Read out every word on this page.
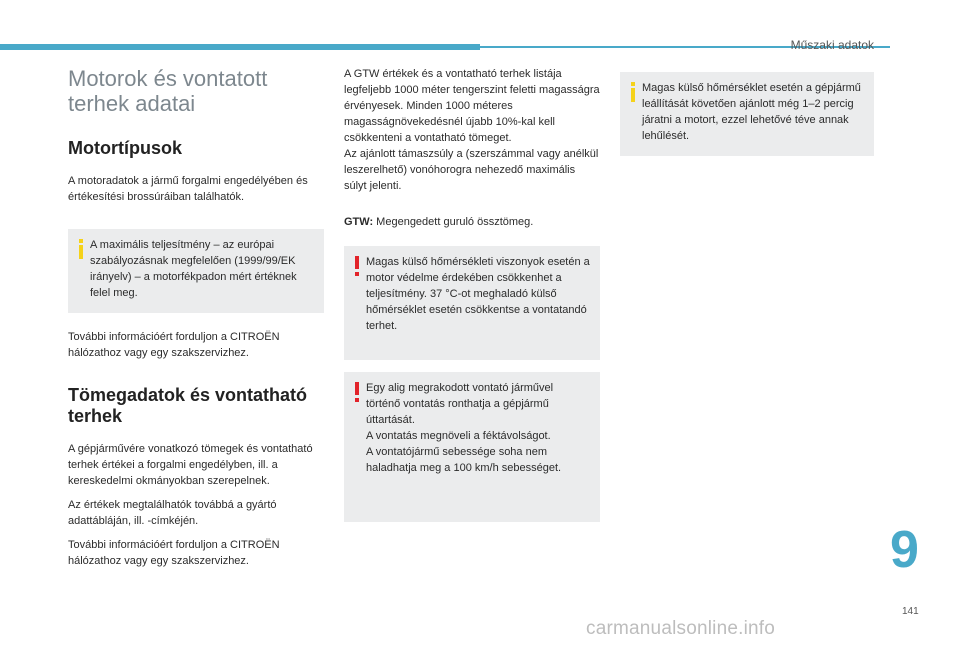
Műszaki adatok
Motorok és vontatott terhek adatai
Motortípusok

A motoradatok a jármű forgalmi engedélyében és értékesítési brossúráiban találhatók.

A maximális teljesítmény – az európai szabályozásnak megfelelően (1999/99/EK irányelv) – a motorfékpadon mért értéknek felel meg.

További információért forduljon a CITROËN hálózathoz vagy egy szakszervizhez.

Tömegadatok és vontatható terhek

A gépjárművére vonatkozó tömegek és vontatható terhek értékei a forgalmi engedélyben, ill. a kereskedelmi okmányokban szerepelnek.

Az értékek megtalálhatók továbbá a gyártó adattábláján, ill. -címkéjén.

További információért forduljon a CITROËN hálózathoz vagy egy szakszervizhez.

A GTW értékek és a vontatható terhek listája legfeljebb 1000 méter tengerszint feletti magasságra érvényesek. Minden 1000 méteres magasságnövekedésnél újabb 10%-kal kell csökkenteni a vontatható tömeget.

Az ajánlott támaszsúly a (szerszámmal vagy anélkül leszerelhető) vonóhorogra nehezedő maximális súlyt jelenti.

GTW: Megengedett guruló össztömeg.

Magas külső hőmérsékleti viszonyok esetén a motor védelme érdekében csökkenhet a teljesítmény. 37 °C-ot meghaladó külső hőmérséklet esetén csökkentse a vontatandó terhet.

Egy alig megrakodott vontató járművel történő vontatás ronthatja a gépjármű úttartását.

A vontatás megnöveli a féktávolságot.

A vontatójármű sebessége soha nem haladhatja meg a 100 km/h sebességet.

Magas külső hőmérséklet esetén a gépjármű leállítását követően ajánlott még 1–2 percig járatni a motort, ezzel lehetővé téve annak lehűlését.

9
141
carmanualsonline.info
